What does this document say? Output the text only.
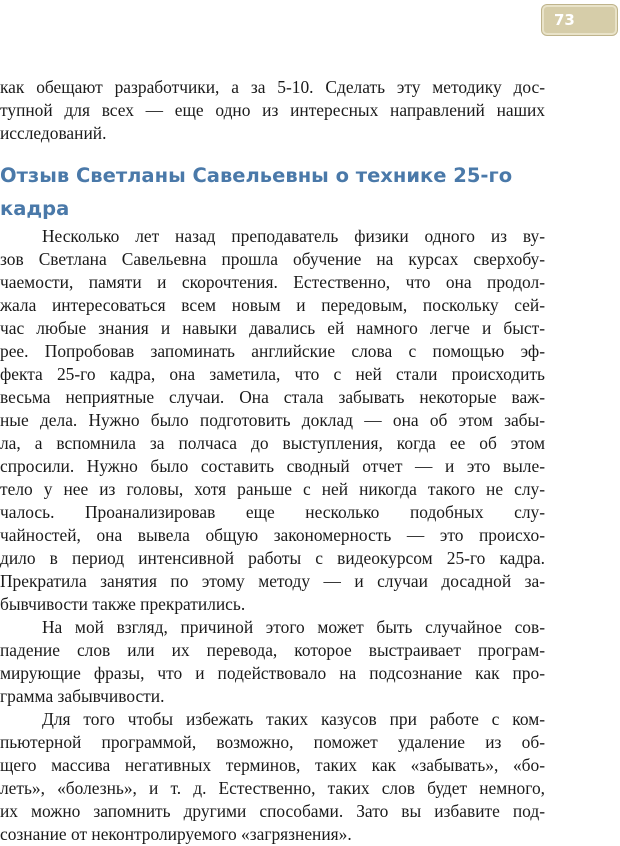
73

как обещают разработчики, а за 5-10. Сделать эту методику дос-
тупной для всех — еще одно из интересных направлений наших
исследований.

Отзыв Светланы Савельевны о технике 25-го
кадра

Несколько лет назад преподаватель физики одного из ву-
зов Светлана Савельевна прошла обучение на курсах сверхобу-
чаемости, памяти и скорочтения. Естественно, что она продол-
жала интересоваться всем новым и передовым, поскольку сей-
час любые знания и навыки давались ей намного легче и быст-
рее. Попробовав запоминать английские слова с помощью эф-
фекта 25-го кадра, она заметила, что с ней стали происходить
весьма неприятные случаи. Она стала забывать некоторые важ-
ные дела. Нужно было подготовить доклад — она об этом забы-
ла, а вспомнила за полчаса до выступления, когда ее об этом
спросили. Нужно было составить сводный отчет — и это выле-
тело у нее из головы, хотя раньше с ней никогда такого не слу-
чалось. Проанализировав еще несколько подобных слу-
чайностей, она вывела общую закономерность — это происхо-
дило в период интенсивной работы с видеокурсом 25-го кадра.
Прекратила занятия по этому методу — и случаи досадной за-
бывчивости также прекратились.

На мой взгляд, причиной этого может быть случайное сов-
падение слов или их перевода, которое выстраивает програм-
мирующие фразы, что и подействовало на подсознание как про-
грамма забывчивости.

Для того чтобы избежать таких казусов при работе с ком-
пьютерной программой, возможно, поможет удаление из об-
щего массива негативных терминов, таких как «забывать», «бо-
леть», «болезнь», и т. д. Естественно, таких слов будет немного,
их можно запомнить другими способами. Зато вы избавите под-
сознание от неконтролируемого «загрязнения».
